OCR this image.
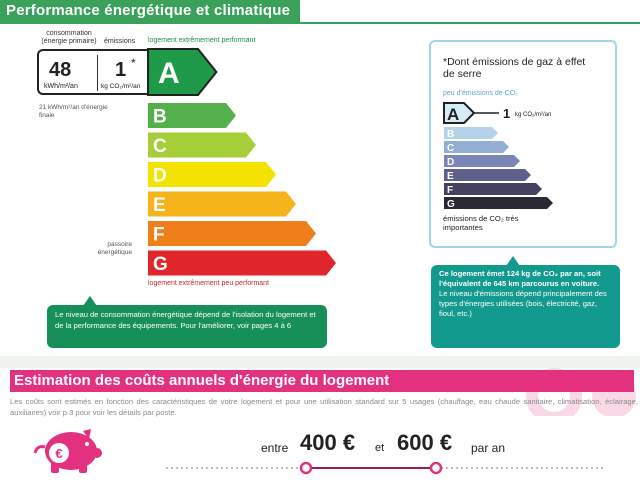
Performance énergétique et climatique
consommation (énergie primaire)	émissions logement extrêmement performant
48
kWh/m²/an
1 *
kg CO₂/m²/an
21 kWh/m²/an d'énergie finale
A
B
C
D
E
F
G
passoire énergétique
logement extrêmement peu performant
Le niveau de consommation énergétique dépend de l'isolation du logement et de la performance des équipements. Pour l'améliorer, voir pages 4 à 6
*Dont émissions de gaz à effet de serre
peu d'émissions de CO₂
A
B
C
D
E
F
G
1 kg CO₂/m²/an
émissions de CO₂ très importantes
Ce logement émet 124 kg de CO₂ par an, soit l'équivalent de 645 km parcourus en voiture.
Le niveau d'émissions dépend principalement des types d'énergies utilisées (bois, électricité, gaz, fioul, etc.)
Estimation des coûts annuels d'énergie du logement
Les coûts sont estimés en fonction des caractéristiques de votre logement et pour une utilisation standard sur 5 usages (chauffage, eau chaude sanitaire, climatisation, éclairage, auxiliaires) voir p.3 pour voir les détails par poste.
€	entre 400 € et 600 € par an
